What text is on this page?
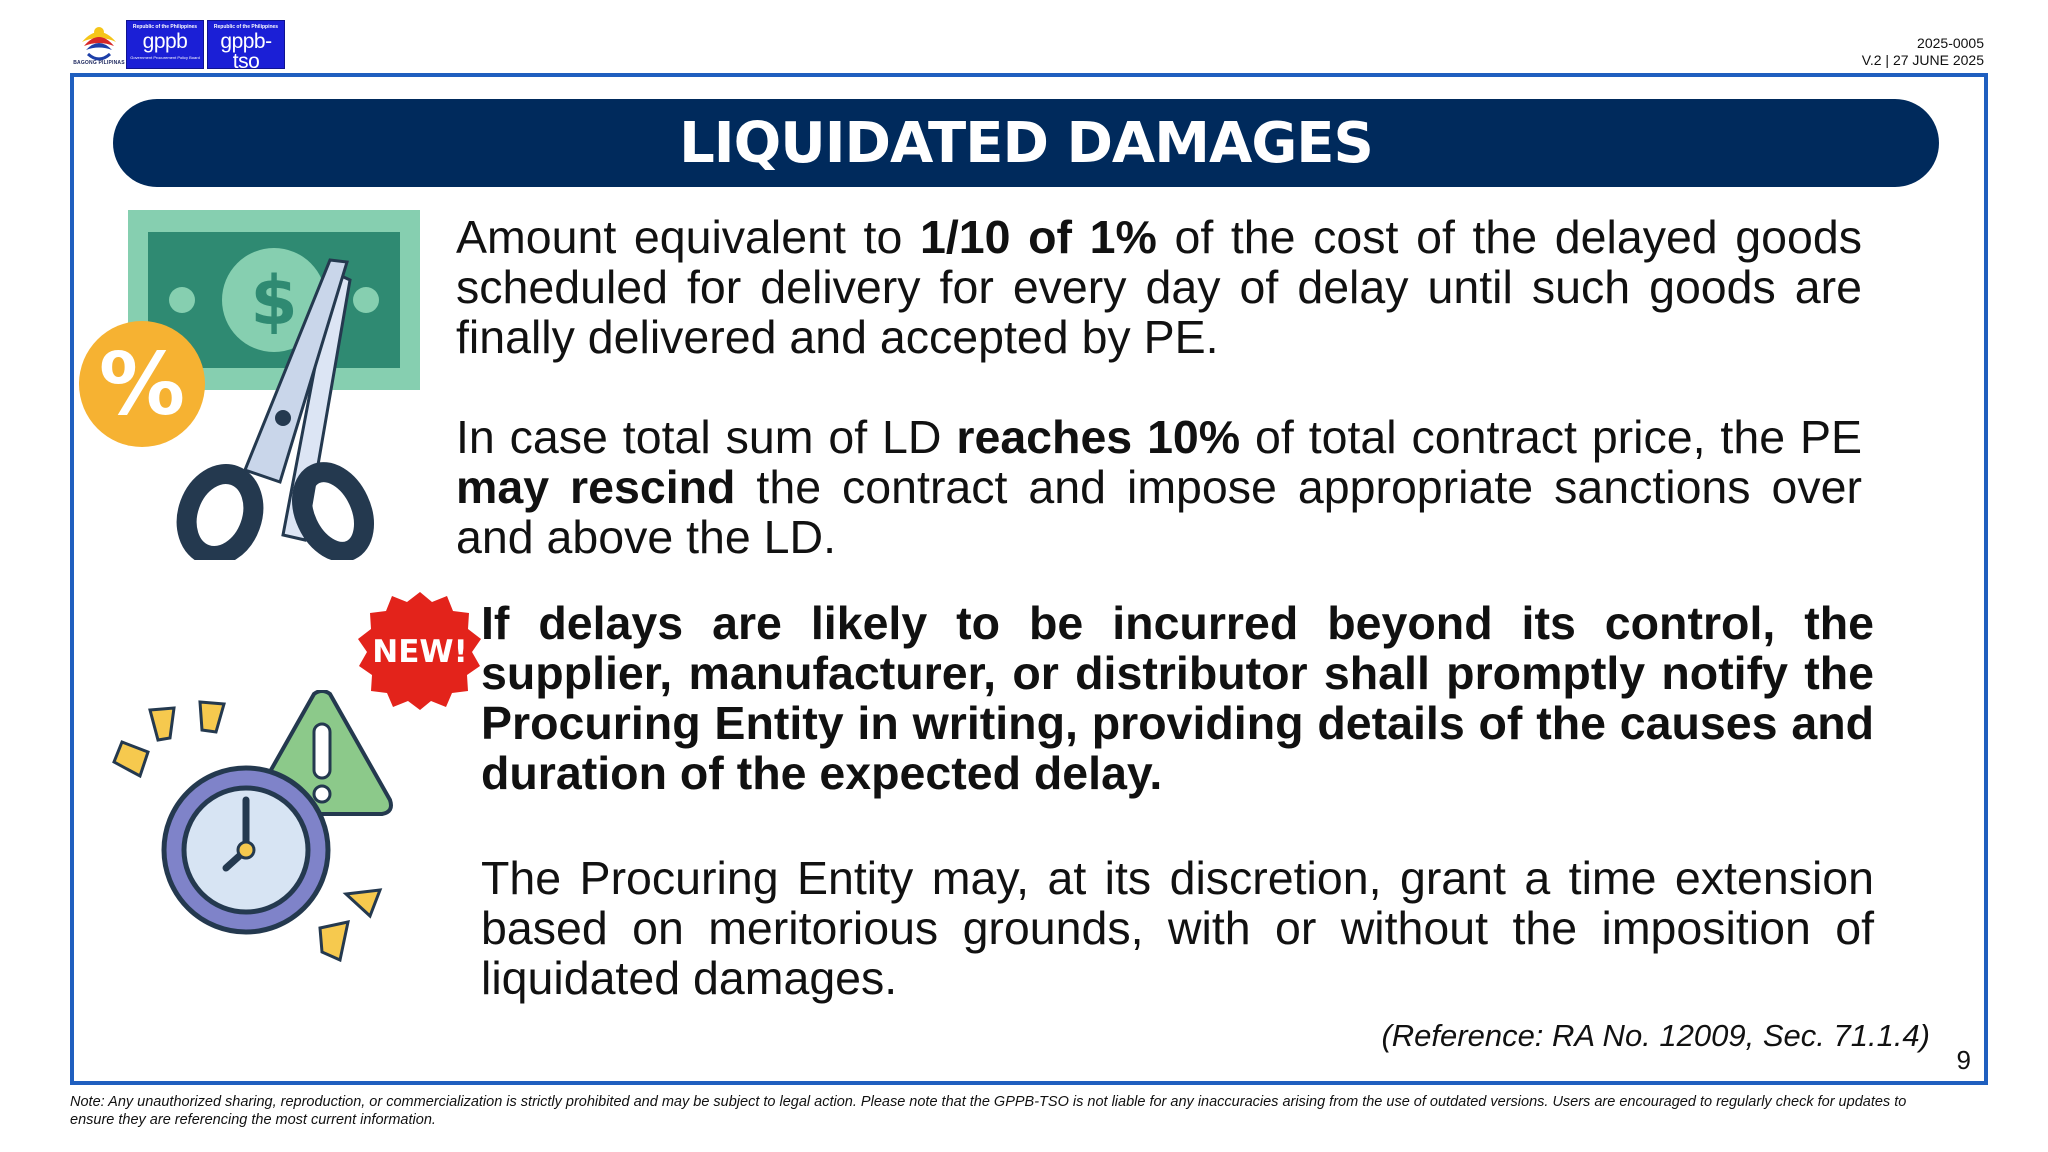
BAGONG PILIPINAS
Republic of the Philippines
gppb
Government Procurement Policy Board
Republic of the Philippines
gppb-tso
Government Procurement Policy Board Technical Support Office
2025-0005
V.2 | 27 JUNE 2025
LIQUIDATED DAMAGES
$
%
NEW!
Amount equivalent to 1/10 of 1% of the cost of the delayed goods scheduled for delivery for every day of delay until such goods are finally delivered and accepted by PE.
In case total sum of LD reaches 10% of total contract price, the PE may rescind the contract and impose appropriate sanctions over and above the LD.
If delays are likely to be incurred beyond its control, the supplier, manufacturer, or distributor shall promptly notify the Procuring Entity in writing, providing details of the causes and duration of the expected delay.
The Procuring Entity may, at its discretion, grant a time extension based on meritorious grounds, with or without the imposition of liquidated damages.
(Reference: RA No. 12009, Sec. 71.1.4)
9
Note: Any unauthorized sharing, reproduction, or commercialization is strictly prohibited and may be subject to legal action. Please note that the GPPB-TSO is not liable for any inaccuracies arising from the use of outdated versions. Users are encouraged to regularly check for updates to ensure they are referencing the most current information.
